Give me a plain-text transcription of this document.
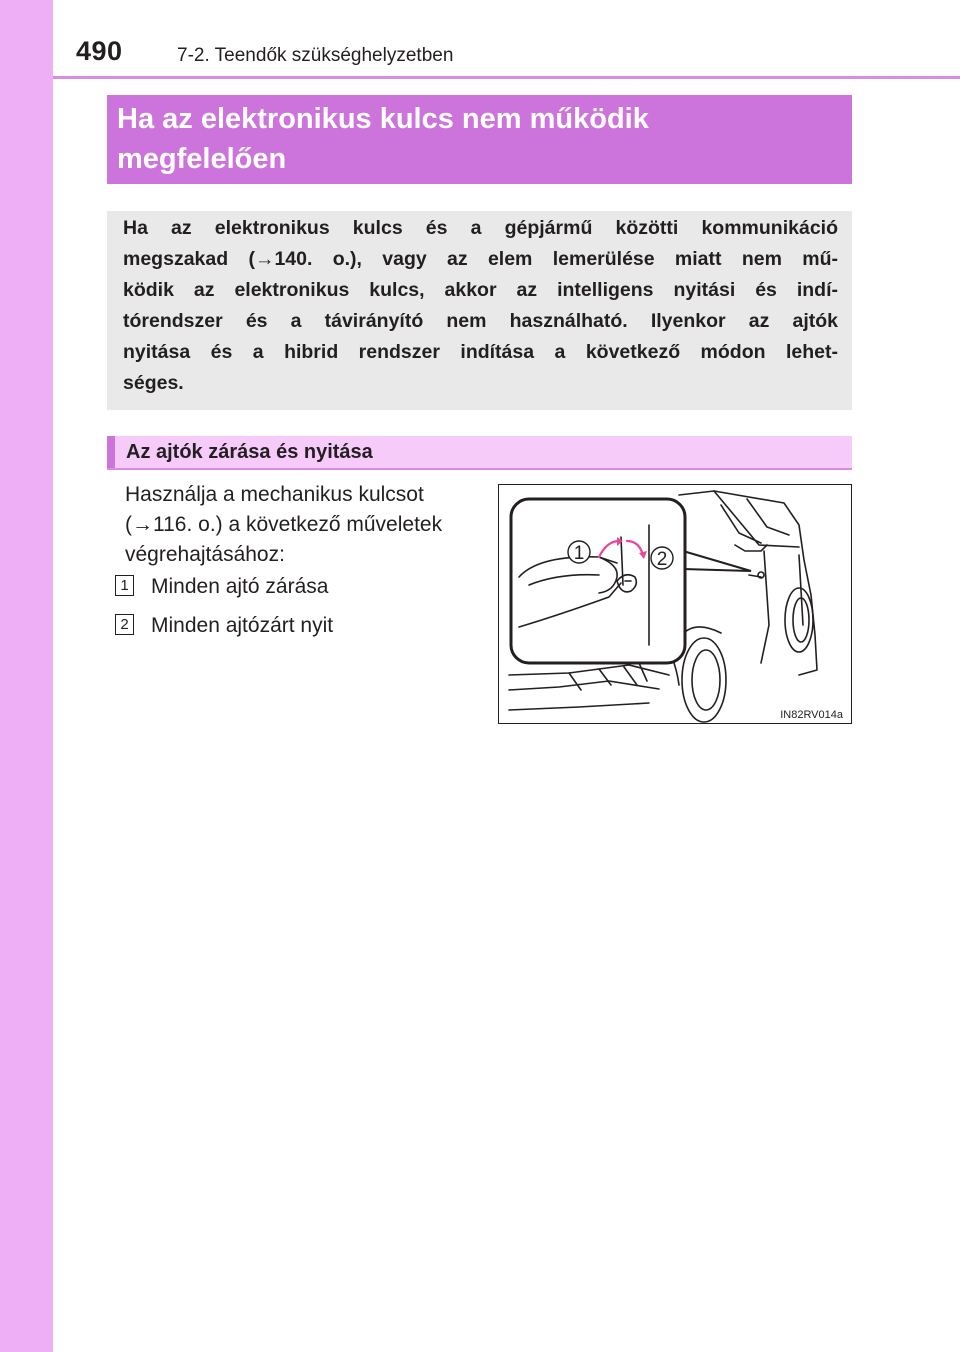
490	7-2. Teendők szükséghelyzetben
Ha az elektronikus kulcs nem működik
megfelelően
Ha az elektronikus kulcs és a gépjármű közötti kommunikáció
megszakad (→140. o.), vagy az elem lemerülése miatt nem mű-
ködik az elektronikus kulcs, akkor az intelligens nyitási és indí-
tórendszer és a távirányító nem használható. Ilyenkor az ajtók
nyitása és a hibrid rendszer indítása a következő módon lehet-
séges.
Az ajtók zárása és nyitása
Használja a mechanikus kulcsot
(→116. o.) a következő műveletek
végrehajtásához:
1 Minden ajtó zárása
2 Minden ajtózárt nyit
1	2
IN82RV014a
